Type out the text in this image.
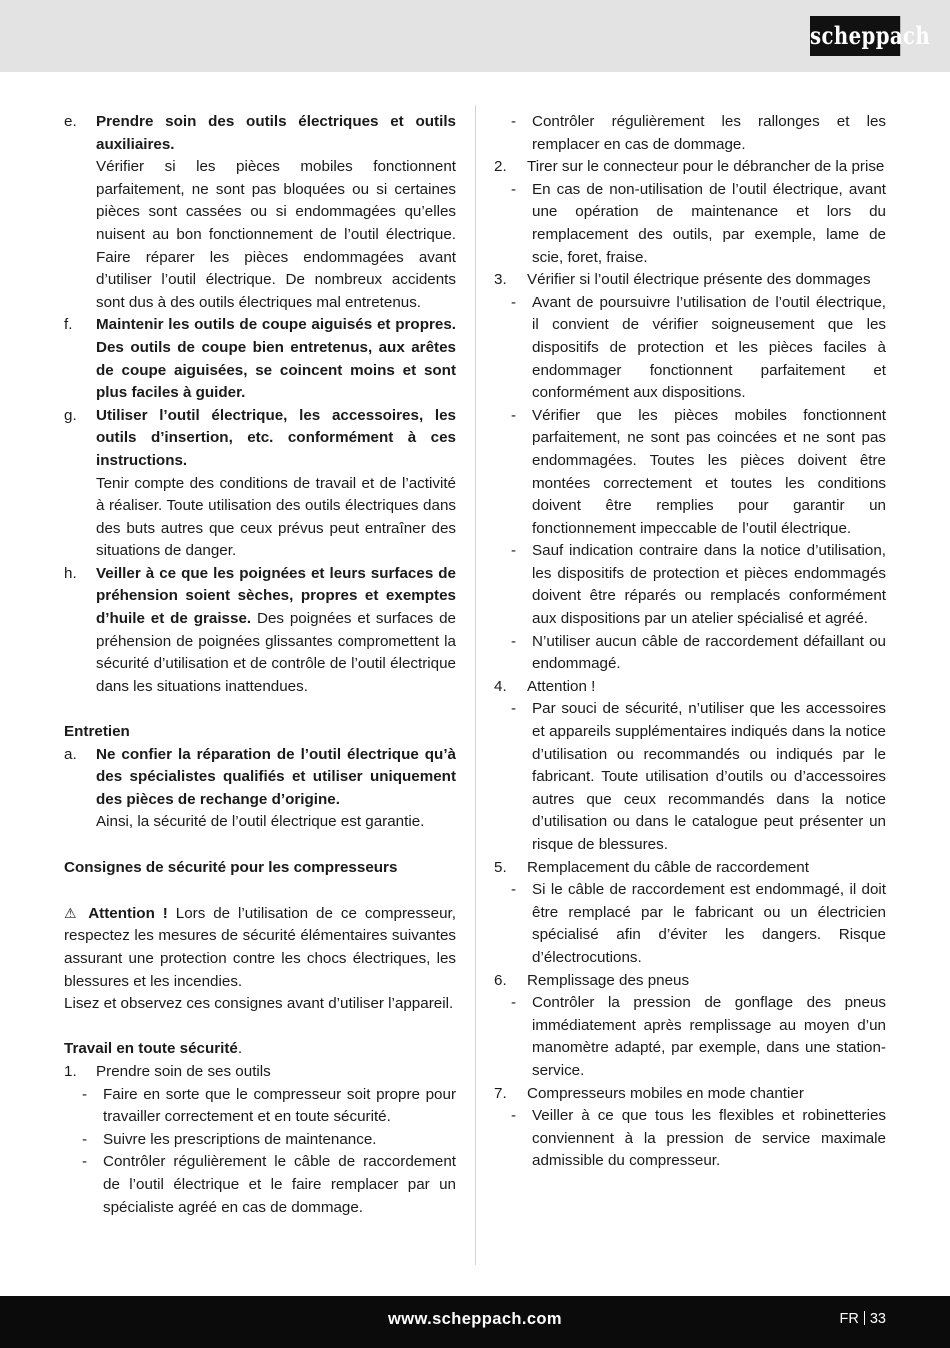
scheppach
e.	Prendre soin des outils électriques et outils auxiliaires.
Vérifier si les pièces mobiles fonctionnent parfaitement, ne sont pas bloquées ou si certaines pièces sont cassées ou si endommagées qu’elles nuisent au bon fonctionnement de l’outil électrique. Faire réparer les pièces endommagées avant d’utiliser l’outil électrique. De nombreux accidents sont dus à des outils électriques mal entretenus.
f.	Maintenir les outils de coupe aiguisés et propres. Des outils de coupe bien entretenus, aux arêtes de coupe aiguisées, se coincent moins et sont plus faciles à guider.
g.	Utiliser l’outil électrique, les accessoires, les outils d’insertion, etc. conformément à ces instructions.
Tenir compte des conditions de travail et de l’activité à réaliser. Toute utilisation des outils électriques dans des buts autres que ceux prévus peut entraîner des situations de danger.
h.	Veiller à ce que les poignées et leurs surfaces de préhension soient sèches, propres et exemptes d’huile et de graisse. Des poignées et surfaces de préhension de poignées glissantes compromettent la sécurité d’utilisation et de contrôle de l’outil électrique dans les situations inattendues.
Entretien
a.	Ne confier la réparation de l’outil électrique qu’à des spécialistes qualifiés et utiliser uniquement des pièces de rechange d’origine.
Ainsi, la sécurité de l’outil électrique est garantie.
Consignes de sécurité pour les compresseurs
⚠ Attention ! Lors de l’utilisation de ce compresseur, respectez les mesures de sécurité élémentaires suivantes assurant une protection contre les chocs électriques, les blessures et les incendies.
Lisez et observez ces consignes avant d’utiliser l’appareil.
Travail en toute sécurité.
1.	Prendre soin de ses outils
-	Faire en sorte que le compresseur soit propre pour travailler correctement et en toute sécurité.
-	Suivre les prescriptions de maintenance.
-	Contrôler régulièrement le câble de raccordement de l’outil électrique et le faire remplacer par un spécialiste agréé en cas de dommage.
-	Contrôler régulièrement les rallonges et les remplacer en cas de dommage.
2.	Tirer sur le connecteur pour le débrancher de la prise
-	En cas de non-utilisation de l’outil électrique, avant une opération de maintenance et lors du remplacement des outils, par exemple, lame de scie, foret, fraise.
3.	Vérifier si l’outil électrique présente des dommages
-	Avant de poursuivre l’utilisation de l’outil électrique, il convient de vérifier soigneusement que les dispositifs de protection et les pièces faciles à endommager fonctionnent parfaitement et conformément aux dispositions.
-	Vérifier que les pièces mobiles fonctionnent parfaitement, ne sont pas coincées et ne sont pas endommagées. Toutes les pièces doivent être montées correctement et toutes les conditions doivent être remplies pour garantir un fonctionnement impeccable de l’outil électrique.
-	Sauf indication contraire dans la notice d’utilisation, les dispositifs de protection et pièces endommagés doivent être réparés ou remplacés conformément aux dispositions par un atelier spécialisé et agréé.
-	N’utiliser aucun câble de raccordement défaillant ou endommagé.
4.	Attention !
-	Par souci de sécurité, n’utiliser que les accessoires et appareils supplémentaires indiqués dans la notice d’utilisation ou recommandés ou indiqués par le fabricant. Toute utilisation d’outils ou d’accessoires autres que ceux recommandés dans la notice d’utilisation ou dans le catalogue peut présenter un risque de blessures.
5.	Remplacement du câble de raccordement
-	Si le câble de raccordement est endommagé, il doit être remplacé par le fabricant ou un électricien spécialisé afin d’éviter les dangers. Risque d’électrocutions.
6.	Remplissage des pneus
-	Contrôler la pression de gonflage des pneus immédiatement après remplissage au moyen d’un manomètre adapté, par exemple, dans une station-service.
7.	Compresseurs mobiles en mode chantier
-	Veiller à ce que tous les flexibles et robinetteries conviennent à la pression de service maximale admissible du compresseur.
www.scheppach.com	FR 33
